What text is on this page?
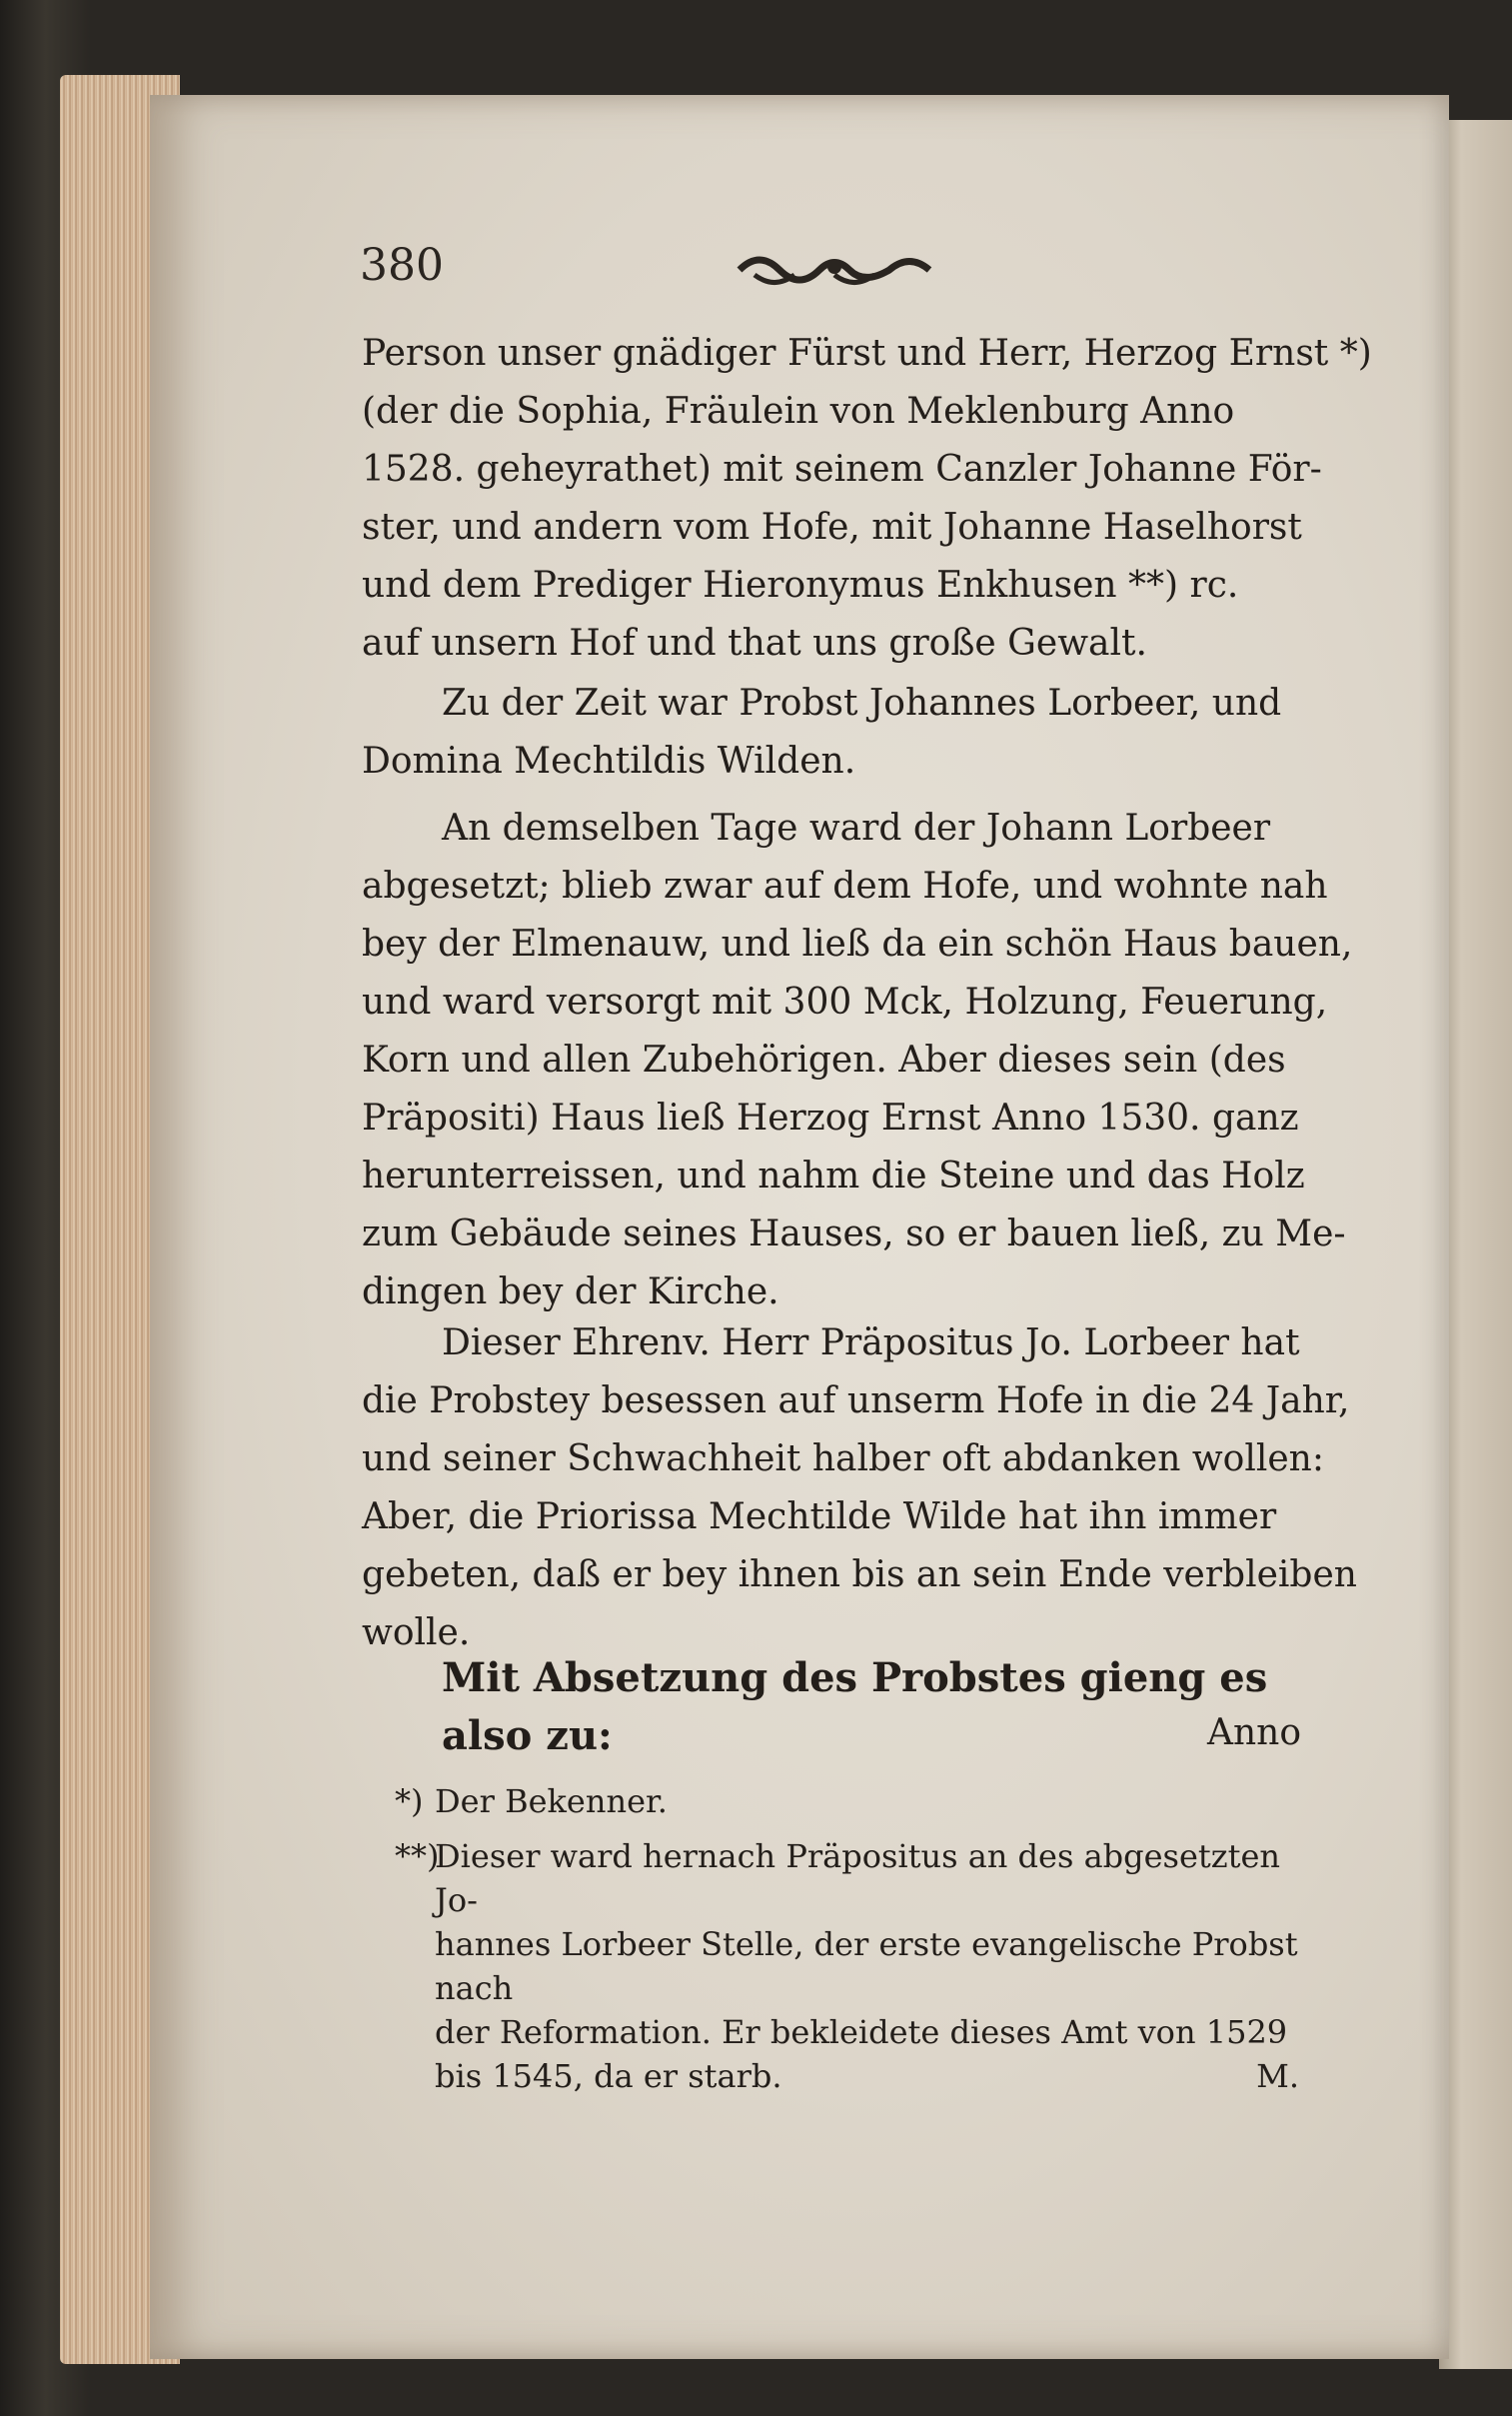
380
Person unser gnädiger Fürst und Herr, Herzog Ernst *)
(der die Sophia, Fräulein von Meklenburg Anno
1528. geheyrathet) mit seinem Canzler Johanne För-
ster, und andern vom Hofe, mit Johanne Haselhorst
und dem Prediger Hieronymus Enkhusen **) rc.
auf unsern Hof und that uns große Gewalt.
Zu der Zeit war Probst Johannes Lorbeer, und
Domina Mechtildis Wilden.
An demselben Tage ward der Johann Lorbeer
abgesetzt; blieb zwar auf dem Hofe, und wohnte nah
bey der Elmenauw, und ließ da ein schön Haus bauen,
und ward versorgt mit 300 Mck, Holzung, Feuerung,
Korn und allen Zubehörigen. Aber dieses sein (des
Präpositi) Haus ließ Herzog Ernst Anno 1530. ganz
herunterreissen, und nahm die Steine und das Holz
zum Gebäude seines Hauses, so er bauen ließ, zu Me-
dingen bey der Kirche.
Dieser Ehrenv. Herr Präpositus Jo. Lorbeer hat
die Probstey besessen auf unserm Hofe in die 24 Jahr,
und seiner Schwachheit halber oft abdanken wollen:
Aber, die Priorissa Mechtilde Wilde hat ihn immer
gebeten, daß er bey ihnen bis an sein Ende verbleiben
wolle.
Mit Absetzung des Probstes gieng es also zu:	Anno
*) Der Bekenner.
**)
Dieser ward hernach Präpositus an des abgesetzten Jo-
hannes Lorbeer Stelle, der erste evangelische Probst nach
der Reformation. Er bekleidete dieses Amt von 1529
bis 1545, da er starb.	M.
